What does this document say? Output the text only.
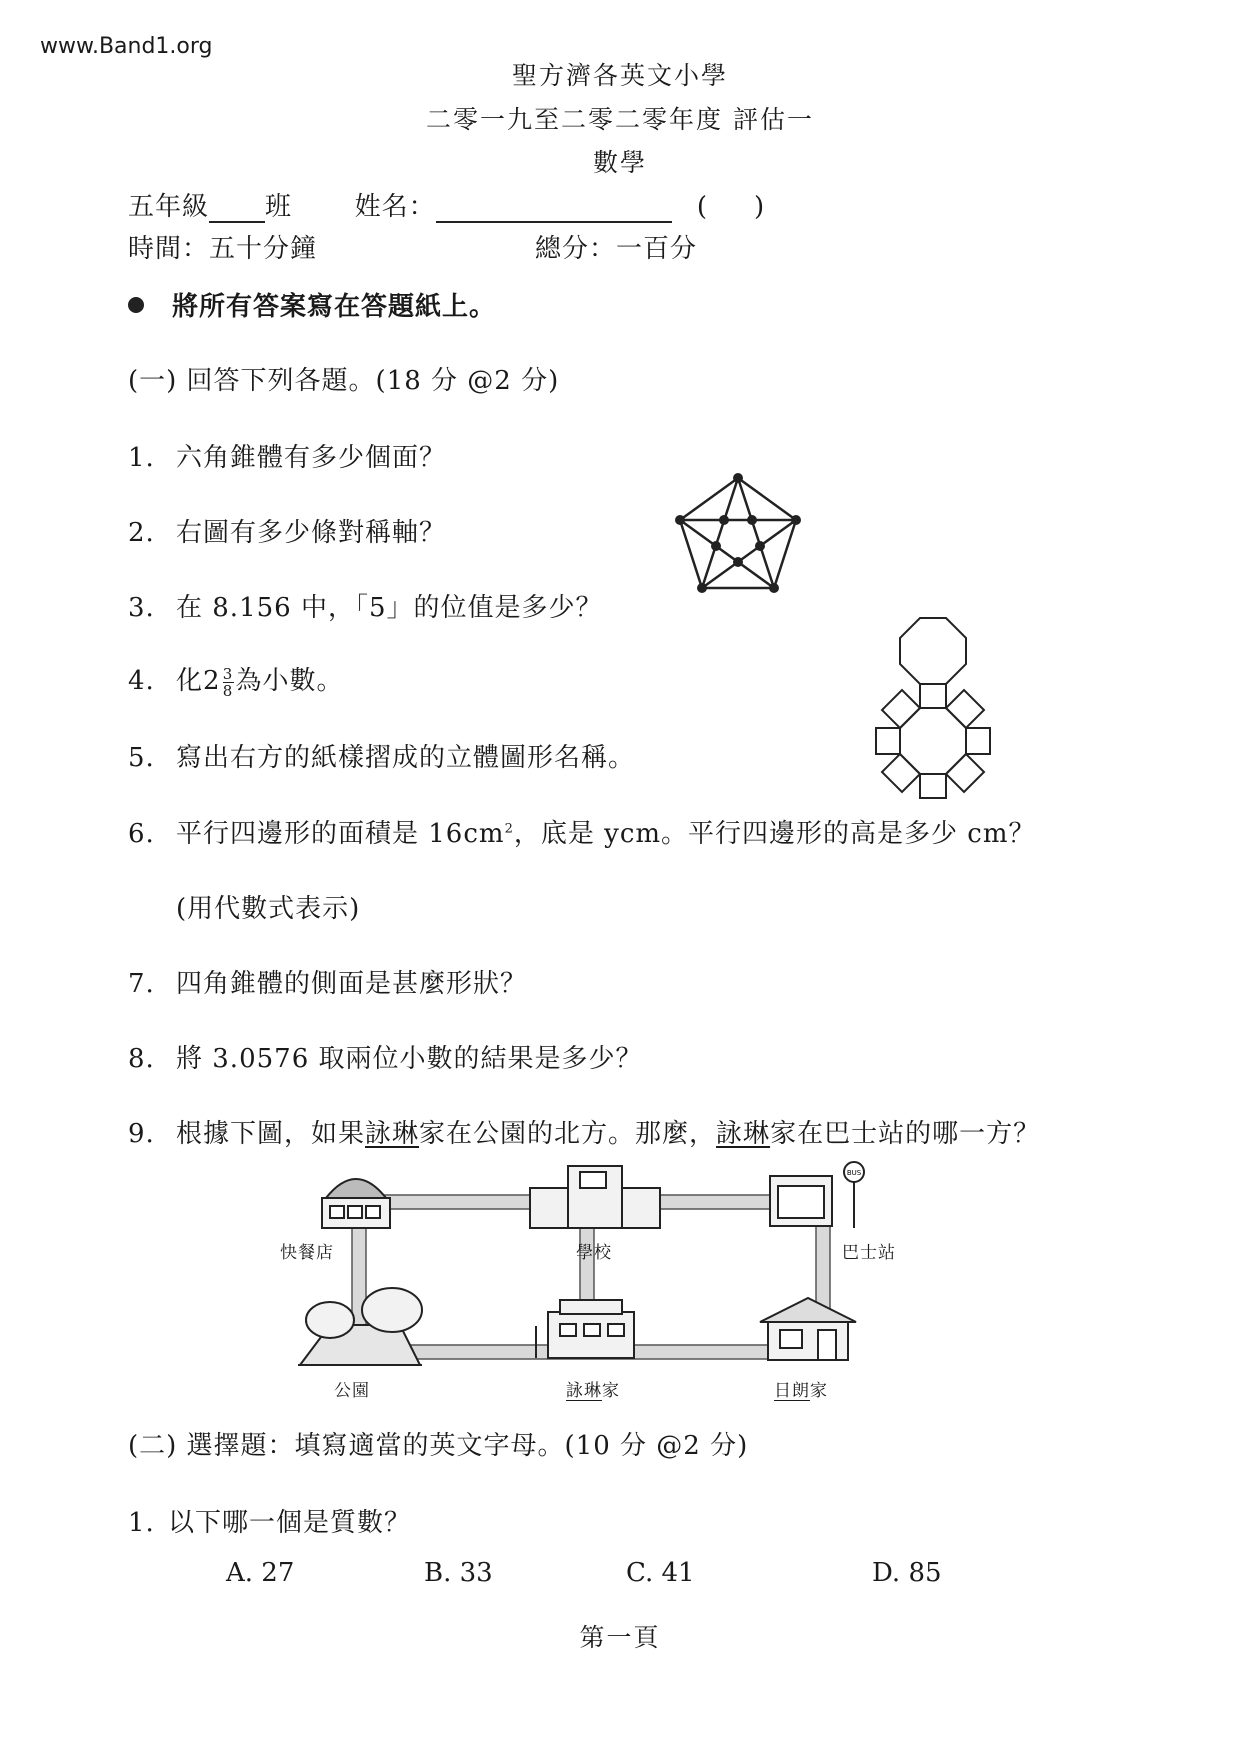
www.Band1.org
聖方濟各英文小學
二零一九至二零二零年度 評估一
數學
五年級 班 姓名：	( )
時間：五十分鐘	總分：一百分
將所有答案寫在答題紙上。
(一) 回答下列各題。(18 分 @2 分)
1. 六角錐體有多少個面？
2. 右圖有多少條對稱軸？
3. 在 8.156 中，「5」的位值是多少？
4. 化$2 \frac{3}{8}$ 為小數。
5. 寫出右方的紙樣摺成的立體圖形名稱。
6. 平行四邊形的面積是 $16cm^2$，底是 ycm。平行四邊形的高是多少 cm？
(用代數式表示)
7. 四角錐體的側面是甚麼形狀？
8. 將 3.0576 取兩位小數的結果是多少？
9. 根據下圖，如果詠琳家在公園的北方。那麼，詠琳家在巴士站的哪一方？
BUS
快餐店	學校	巴士站
公園	詠琳家	日朗家
(二) 選擇題：填寫適當的英文字母。(10 分 @2 分)
1. 以下哪一個是質數？
A. 27	B. 33	C. 41	D. 85
第一頁
